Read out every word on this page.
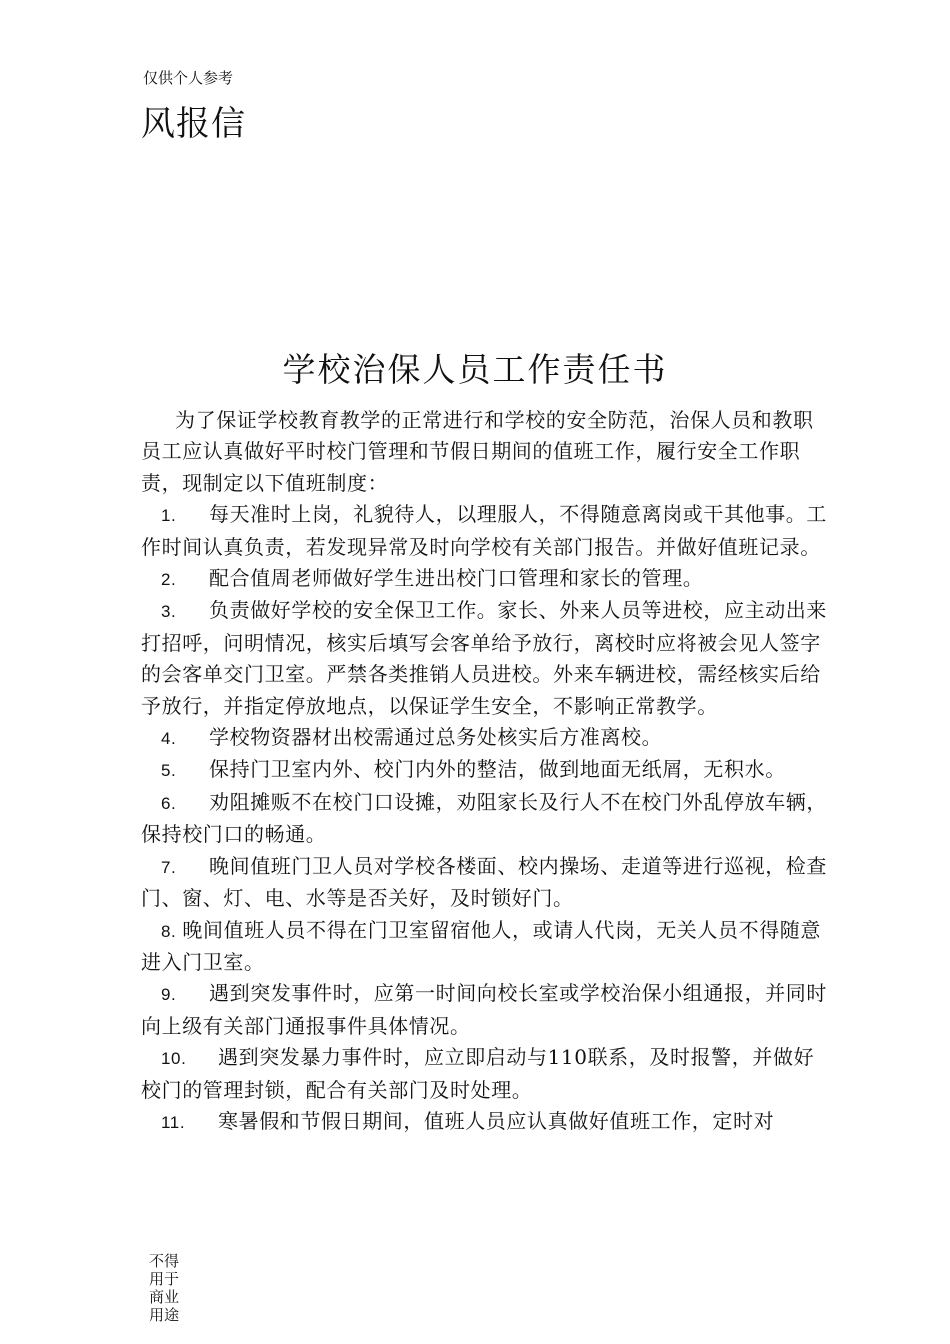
仅供个人参考
风报信
学校治保人员工作责任书

为了保证学校教育教学的正常进行和学校的安全防范，治保人员和教职员工应认真做好平时校门管理和节假日期间的值班工作，履行安全工作职责，现制定以下值班制度：

1. 每天准时上岗，礼貌待人，以理服人，不得随意离岗或干其他事。工作时间认真负责，若发现异常及时向学校有关部门报告。并做好值班记录。

2. 配合值周老师做好学生进出校门口管理和家长的管理。

3. 负责做好学校的安全保卫工作。家长、外来人员等进校，应主动出来打招呼，问明情况，核实后填写会客单给予放行，离校时应将被会见人签字的会客单交门卫室。严禁各类推销人员进校。外来车辆进校，需经核实后给予放行，并指定停放地点，以保证学生安全，不影响正常教学。

4. 学校物资器材出校需通过总务处核实后方准离校。

5. 保持门卫室内外、校门内外的整洁，做到地面无纸屑，无积水。

6. 劝阻摊贩不在校门口设摊，劝阻家长及行人不在校门外乱停放车辆，保持校门口的畅通。

7. 晚间值班门卫人员对学校各楼面、校内操场、走道等进行巡视，检查门、窗、灯、电、水等是否关好，及时锁好门。

8. 晚间值班人员不得在门卫室留宿他人，或请人代岗，无关人员不得随意进入门卫室。

9. 遇到突发事件时，应第一时间向校长室或学校治保小组通报，并同时向上级有关部门通报事件具体情况。

10. 遇到突发暴力事件时，应立即启动与110联系，及时报警，并做好校门的管理封锁，配合有关部门及时处理。

11. 寒暑假和节假日期间，值班人员应认真做好值班工作，定时对

不得用于商业用途
